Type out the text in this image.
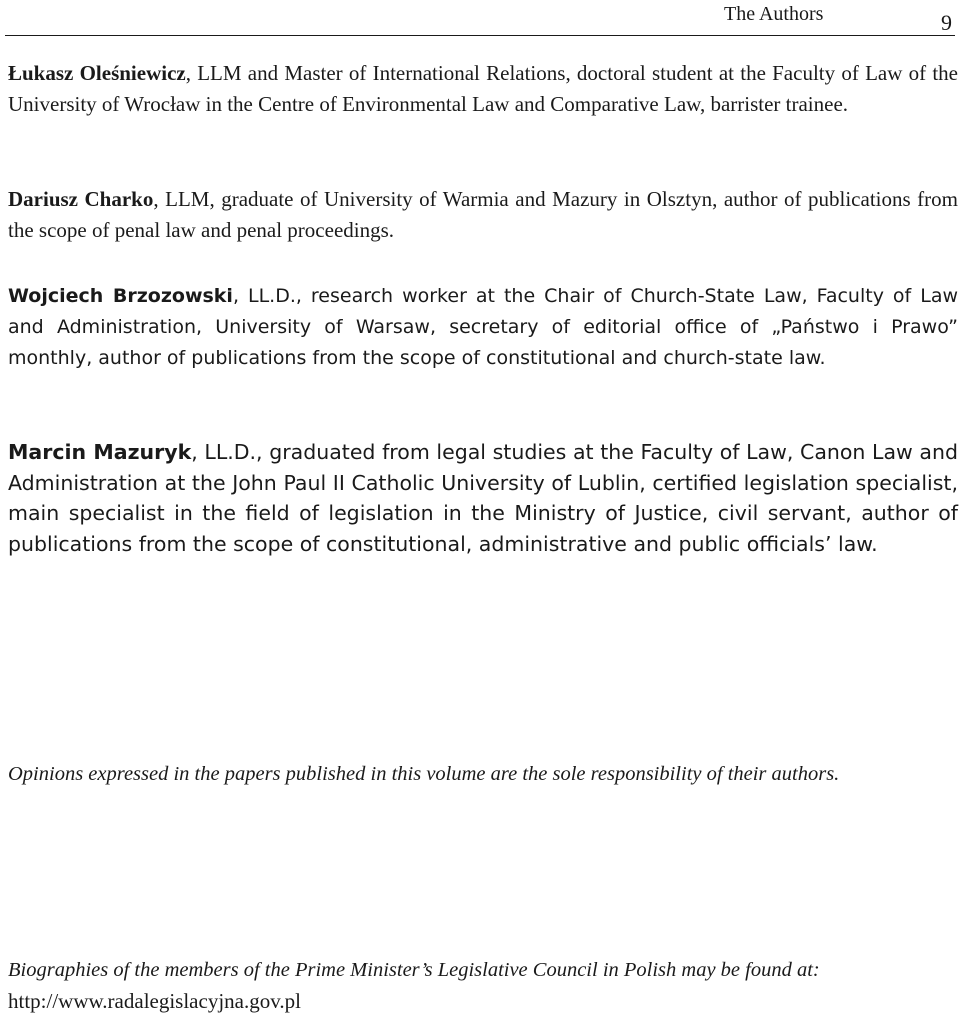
The Authors	9

Łukasz Oleśniewicz, LLM and Master of International Relations, doctoral student at the Faculty of Law of the University of Wrocław in the Centre of Environmental Law and Comparative Law, barrister trainee.

Dariusz Charko, LLM, graduate of University of Warmia and Mazury in Olsztyn, author of publications from the scope of penal law and penal proceedings.

Wojciech Brzozowski, LL.D., research worker at the Chair of Church-State Law, Faculty of Law and Administration, University of Warsaw, secretary of editorial office of „Państwo i Prawo” monthly, author of publications from the scope of constitutional and church-state law.

Marcin Mazuryk, LL.D., graduated from legal studies at the Faculty of Law, Canon Law and Administration at the John Paul II Catholic University of Lublin, certified legislation specialist, main specialist in the field of legislation in the Ministry of Justice, civil servant, author of publications from the scope of constitutional, administrative and public officials’ law.

Opinions expressed in the papers published in this volume are the sole responsibility of their authors.

Biographies of the members of the Prime Minister’s Legislative Council in Polish may be found at:

http://www.radalegislacyjna.gov.pl
